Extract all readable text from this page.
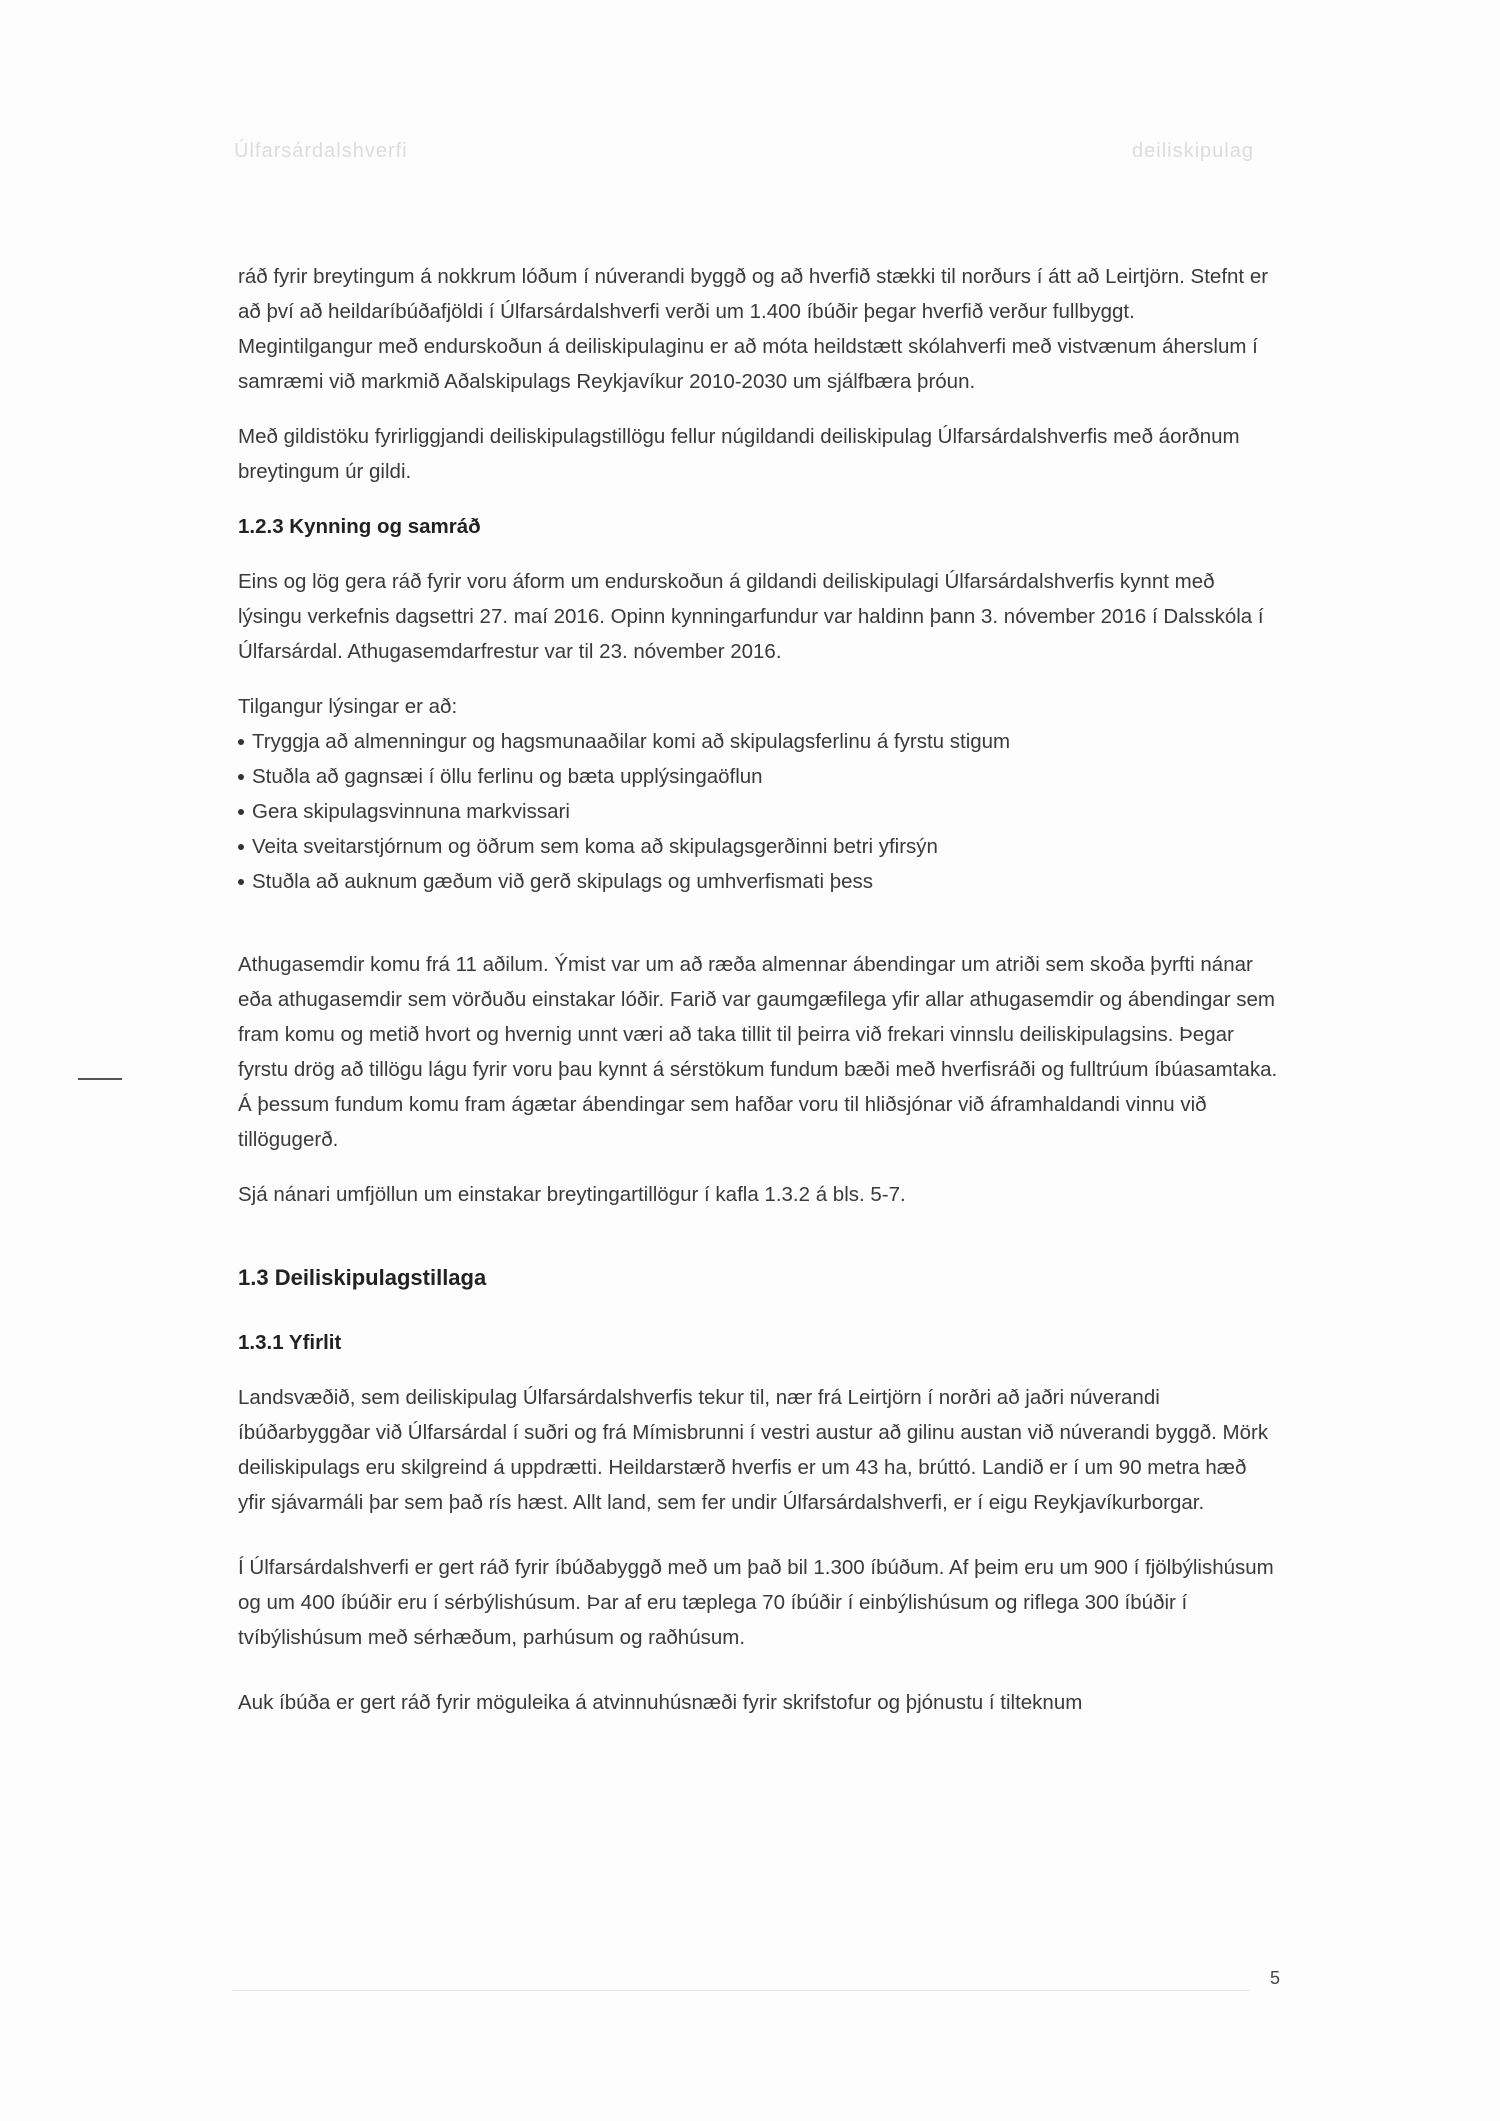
Úlfarsárdalshverfi	deiliskipulag

ráð fyrir breytingum á nokkrum lóðum í núverandi byggð og að hverfið stækki til norðurs í átt að Leirtjörn. Stefnt er að því að heildaríbúðafjöldi í Úlfarsárdalshverfi verði um 1.400 íbúðir þegar hverfið verður fullbyggt.

Megintilgangur með endurskoðun á deiliskipulaginu er að móta heildstætt skólahverfi með vistvænum áherslum í samræmi við markmið Aðalskipulags Reykjavíkur 2010-2030 um sjálfbæra þróun.

Með gildistöku fyrirliggjandi deiliskipulagstillögu fellur núgildandi deiliskipulag Úlfarsárdalshverfis með áorðnum breytingum úr gildi.

1.2.3 Kynning og samráð

Eins og lög gera ráð fyrir voru áform um endurskoðun á gildandi deiliskipulagi Úlfarsárdalshverfis kynnt með lýsingu verkefnis dagsettri 27. maí 2016. Opinn kynningarfundur var haldinn þann 3. nóvember 2016 í Dalsskóla í Úlfarsárdal. Athugasemdarfrestur var til 23. nóvember 2016.

Tilgangur lýsingar er að:

Tryggja að almenningur og hagsmunaaðilar komi að skipulagsferlinu á fyrstu stigum
Stuðla að gagnsæi í öllu ferlinu og bæta upplýsingaöflun
Gera skipulagsvinnuna markvissari
Veita sveitarstjórnum og öðrum sem koma að skipulagsgerðinni betri yfirsýn
Stuðla að auknum gæðum við gerð skipulags og umhverfismati þess

Athugasemdir komu frá 11 aðilum. Ýmist var um að ræða almennar ábendingar um atriði sem skoða þyrfti nánar eða athugasemdir sem vörðuðu einstakar lóðir. Farið var gaumgæfilega yfir allar athugasemdir og ábendingar sem fram komu og metið hvort og hvernig unnt væri að taka tillit til þeirra við frekari vinnslu deiliskipulagsins. Þegar fyrstu drög að tillögu lágu fyrir voru þau kynnt á sérstökum fundum bæði með hverfisráði og fulltrúum íbúasamtaka. Á þessum fundum komu fram ágætar ábendingar sem hafðar voru til hliðsjónar við áframhaldandi vinnu við tillögugerð.

Sjá nánari umfjöllun um einstakar breytingartillögur í kafla 1.3.2 á bls. 5-7.

1.3 Deiliskipulagstillaga

1.3.1 Yfirlit

Landsvæðið, sem deiliskipulag Úlfarsárdalshverfis tekur til, nær frá Leirtjörn í norðri að jaðri núverandi íbúðarbyggðar við Úlfarsárdal í suðri og frá Mímisbrunni í vestri austur að gilinu austan við núverandi byggð. Mörk deiliskipulags eru skilgreind á uppdrætti. Heildarstærð hverfis er um 43 ha, brúttó. Landið er í um 90 metra hæð yfir sjávarmáli þar sem það rís hæst. Allt land, sem fer undir Úlfarsárdalshverfi, er í eigu Reykjavíkurborgar.

Í Úlfarsárdalshverfi er gert ráð fyrir íbúðabyggð með um það bil 1.300 íbúðum. Af þeim eru um 900 í fjölbýlishúsum og um 400 íbúðir eru í sérbýlishúsum. Þar af eru tæplega 70 íbúðir í einbýlishúsum og riflega 300 íbúðir í tvíbýlishúsum með sérhæðum, parhúsum og raðhúsum.

Auk íbúða er gert ráð fyrir möguleika á atvinnuhúsnæði fyrir skrifstofur og þjónustu í tilteknum

5
